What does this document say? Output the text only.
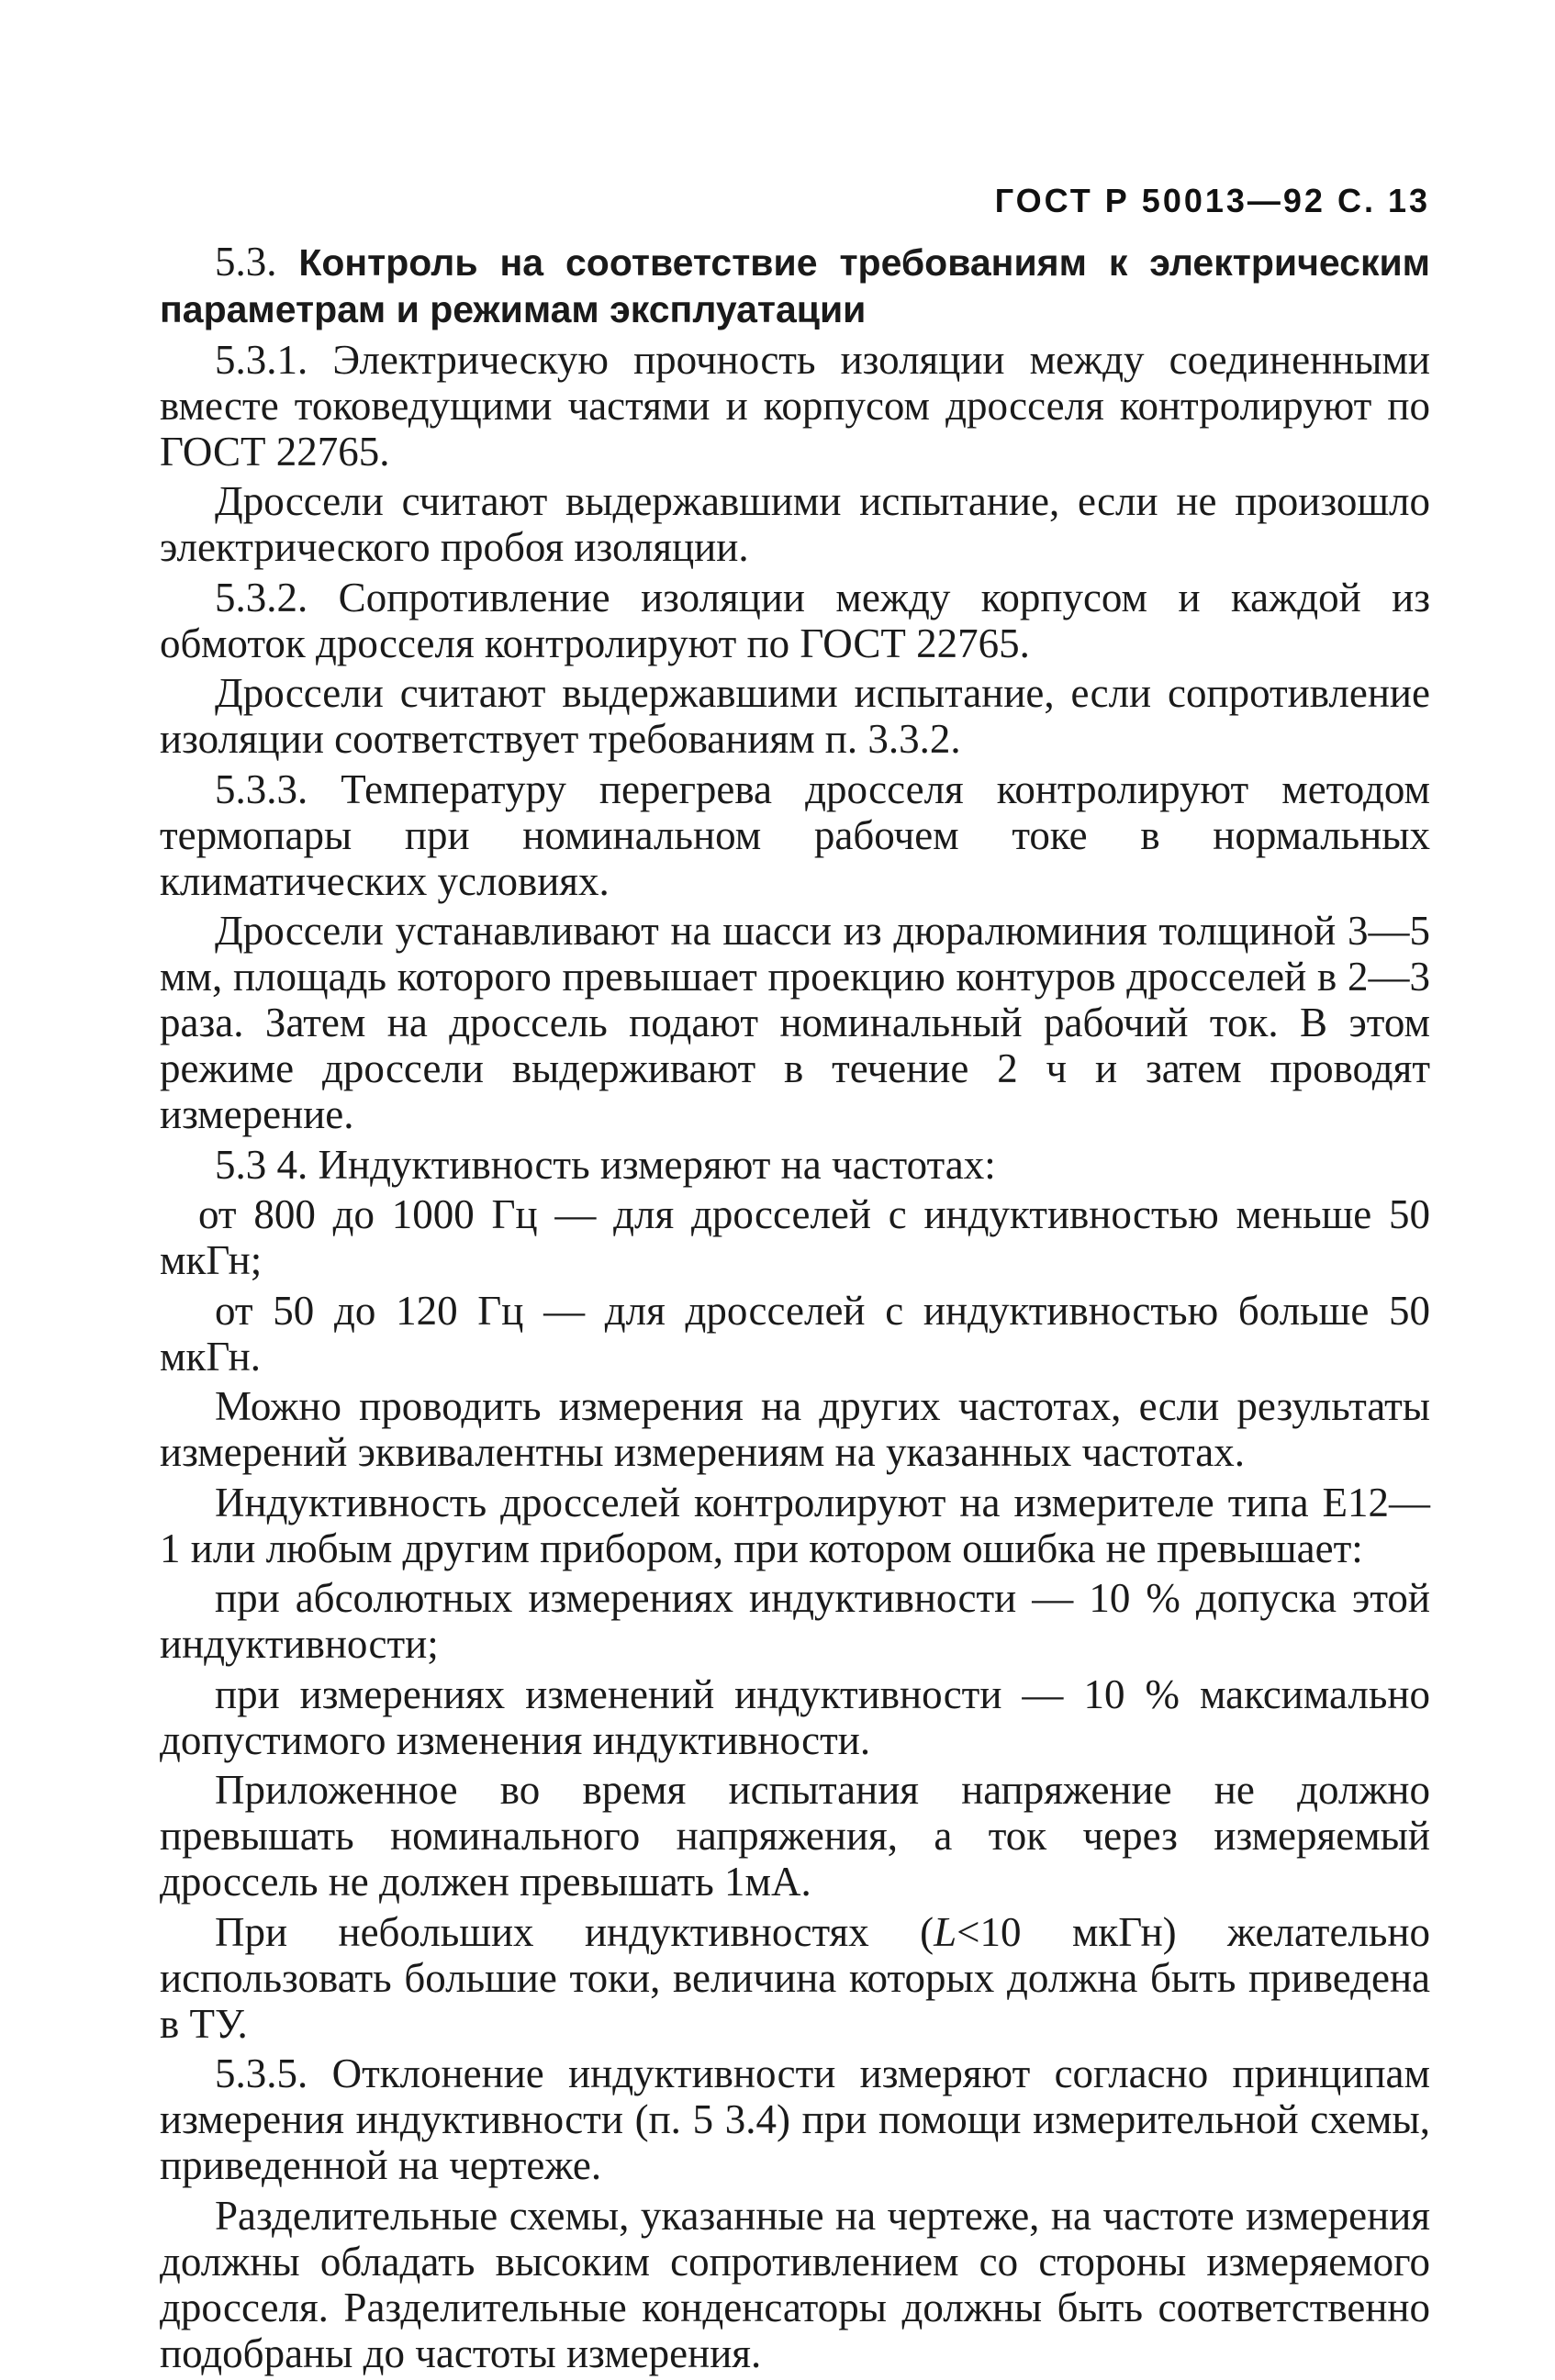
ГОСТ Р 50013—92 С. 13

5.3. Контроль на соответствие требованиям к электрическим параметрам и режимам эксплуатации

5.3.1. Электрическую прочность изоляции между соединенными вместе токоведущими частями и корпусом дросселя контролируют по ГОСТ 22765.

Дроссели считают выдержавшими испытание, если не произошло электрического пробоя изоляции.

5.3.2. Сопротивление изоляции между корпусом и каждой из обмоток дросселя контролируют по ГОСТ 22765.

Дроссели считают выдержавшими испытание, если сопротивление изоляции соответствует требованиям п. 3.3.2.

5.3.3. Температуру перегрева дросселя контролируют методом термопары при номинальном рабочем токе в нормальных климатических условиях.

Дроссели устанавливают на шасси из дюралюминия толщиной 3—5 мм, площадь которого превышает проекцию контуров дросселей в 2—3 раза. Затем на дроссель подают номинальный рабочий ток. В этом режиме дроссели выдерживают в течение 2 ч и затем проводят измерение.

5.3 4. Индуктивность измеряют на частотах:

от 800 до 1000 Гц — для дросселей с индуктивностью меньше 50 мкГн;

от 50 до 120 Гц — для дросселей с индуктивностью больше 50 мкГн.

Можно проводить измерения на других частотах, если результаты измерений эквивалентны измерениям на указанных частотах.

Индуктивность дросселей контролируют на измерителе типа Е12—1 или любым другим прибором, при котором ошибка не превышает:

при абсолютных измерениях индуктивности — 10 % допуска этой индуктивности;

при измерениях изменений индуктивности — 10 % максимально допустимого изменения индуктивности.

Приложенное во время испытания напряжение не должно превышать номинального напряжения, а ток через измеряемый дроссель не должен превышать 1мА.

При небольших индуктивностях (L<10 мкГн) желательно использовать большие токи, величина которых должна быть приведена в ТУ.

5.3.5. Отклонение индуктивности измеряют согласно принципам измерения индуктивности (п. 5 3.4) при помощи измерительной схемы, приведенной на чертеже.

Разделительные схемы, указанные на чертеже, на частоте измерения должны обладать высоким сопротивлением со стороны измеряемого дросселя. Разделительные конденсаторы должны быть соответственно подобраны до частоты измерения.
